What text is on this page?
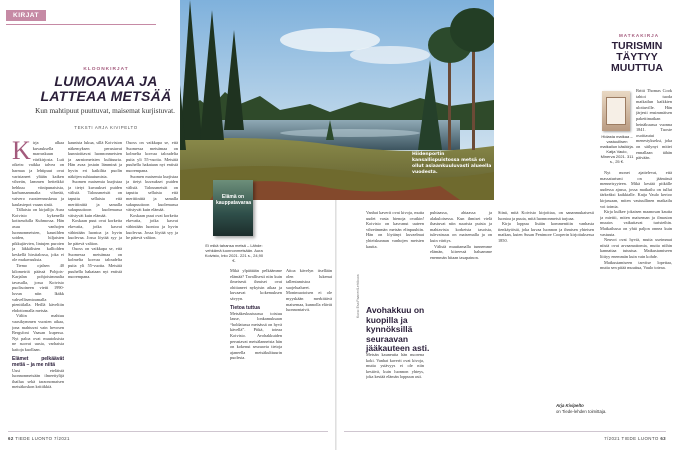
KIRJAT
Hiidenportin kansallispuistossa metsä on ollut asiaankuuluvasti alueella vuodesta.
KLOONKIRJAT
LUMOAVAA JA
LATTEAA METSÄÄ
Kun mahtipuut puuttuvat, maisemat kurjistuvat.
TEKSTI ARJA KIVIPELTO

Kirja alkaa kuvauksella marraskuun värikirjosta. Luit oikein: vaikka talvea on harmaa ja lehtipuut ovat varistaneet yltään kaiken vihreän, lammen hetteikkö hehkuu viinipunaisista, karhunsammalta vihreää, vaivero ruosteenruskeaa ja kaulasiepot vaaan siniä.

Tällaista on kirjailija Aura Koivisto kykenellä kotiseudulla Kuhmossa. Hän asuu vanhojen luonnonmetsien, kaunilden soiden, hiljaisten pikkujärvien, lintujen puroien ja läkkälisten kalliolden keskellä hirsitalossa, joka ei ole mukavuuksia.

Tiemo ojalsen 40 kilometriä päässä Pohjois-Karjalan pohjoisimmalta tavasalla, jossa Koivisto puolisoineen vietti 1990-luvun niin lkäkk vahvellisentoamalla pienitilalla. Heillä käveltiin ehdottomalla metsäa.

Väliin mahtuu vaasikymmen vuosien aikaa, jona mahtuvat vain hevosen Bergsfoni Vaasan kupessa. Nyt paloa ovat muutoksista ne suovat uusia, varhaisia kaitoja kuollaan.

Elämet pelkäävät metiä – ja me niitä

Uusi eteläistä luonnonmetsään ilmeettylijä ihailua sekä taraonomaisen metsäkoskon kritiikkiä.

kaunista lukua, sillä Koiviston näkemyksen perustavat kunnioittavat luonnonmetsien ja aarniometsien kulttuuria. Hän avaa jostain lämminä ja hyvin eri kaikiltta puolin näköjen suhtautumista.

Suomen maisemia kurjistaa ja tietyt kuvaukset puiden välisiä. Talousmetsät on taputtu sellaista että meritiinittä ja samalla sukupuuttoon kuolemassa väistyvät kuin elämää.

Koskaan puut ovat korkeita ekevatia, jotka kasvat vähintään luontoa ja hyvin kuolevaa. Jossa löytää syy ja he pätevä valtion.

Ouoss on vaikkapa se, että Suomessa metsämaa on kolmelta korvaa taloudelta puita yli 55-vuotta. Metsäiä puuhella hakataan nyt entistä nuorempana.

Ouoss on vaikkapa se, että Suomessa metsämaa on kolmelta korvaa taloudelta puita yli 55-vuotta. Metsäiä puuhella hakataan nyt entistä nuorempana.

Suomen maisemia kurjistaa ja tietyt kuvaukset puiden välisiä. Talousmetsät on taputtu sellaista että meritiinittä ja samalla sukupuuttoon kuolemassa väistyvät kuin elämää.

Koskaan puut ovat korkeita ekevatia, jotka kasvat vähintään luontoa ja hyvin kuolevaa. Jossa löytää syy ja he pätevä valtion.

Elämä on kauppatavaraa
Ei mikä tahansa metsä – Lähde: vehkämä luonnonmetsään. Aura Koivisto, Into 2021. 221 s., 24,90 €.

Mikä ylpäätään pelkäämme elämää? Tavallisesti niin kuin ilmeisesti ihmiset ovat ohittaneet nykyisin aikaa ja kuvaavat kokemuksen sävyyn.

Tietoa tuttua

Metsäkeskustuussa toistuu lause, lonkamuksaan “holdatussa metsässä on hyvä kävellä”. Pitkä, toteaa Koivisto. Avohakkuiden perustavat metsälanneista hän on kokenut seuraavia tietoja ajaneella metsäkulttuurin puolesta.

Aitoa kävelyn itsellään olen lukenut tallentamistoa suojelualueet. Monimuotoisen ei ole myyskään merkittävä maisemaa, kunnolla elävät luonnontaivit.	Kuva: Esa Paanen/Lehtikuva Avohakkuu on kuopilla ja kynnöksillä seuraavan jääkauteen asti.

Vanhat kaverit ovat kivoja, mutta uudet vasta hienoja ovatkin! Koivisto on kasvanut uuteen vihreämmän metsän elinpuuhiin. Hän on löytänyt kuvaelmat yhteiskunnan vanhojen metsien kautta.

Metsän kauneutta hän nuorena koki. Vanhat kaverit ovat kivoja, mutta ystävyys ei ole niin kestävä, kuin luonnon yhteys, joka kestää elämän loppuun asti.

puhtaassa, ahtaassa ja alakuloisessa. Kun ihmiset vielä ihastuvat niin suurista puista ja mahtavista korkeista tasoista, tulevaisuus on maisemalla ja on kuin väritys.

Välistä muuttamalla tunnemme elämän, kiireessä haluamme enemmän hitaan tasapainon.

Siinä, mitä Koivisto kirjoittaa, on sananmukaisesti luontoa ja puuta, mitä luonnonmetsä tarjoaa.

Kirja loppuu lisään kommenttiin vanhasta tienkäytöstä, joka kuvaa luonnon ja ihmisen yhteisen matkan, kuten Susan Fenimore Cooperin kirjoituksessa 1850.

Arja Kivipelto
on Tiede-lehden toimittaja.
MATKAKIRJA
TURISMIN TÄYTYY MUUTTUA
Hidasta matkaa – vastuullisen matkailun käsikirja. Katja Vaulo, Minerva 2021. 311 s., 25 €.

Britti Thomas Cook tahtoi tuoda matkailun kaikkien ulottuville. Hän järjesti ensimmäisen pakettimatkan heinäkuussa vuonna 1841. Tuoste osoittautui menestykseksi, joka on säilynyt mittei ennallaan tähän päivään.

Nyt monet ajattelevat, että massaturismi on jäämässä menneisyyteen. Mikä kestää pitkälle uudessa ajassa, jossa matkailu on tullut tärkeäksi kaikkialle. Katja Vaulo kertoo kirjassaan, miten vastuullinen matkailu voi toimia.

Kirja kulkee jokaisen maanosan kautta ja miettii, miten maiseman ja ilmaston muutos vaikuttavat turisteihin. Matkailussa on yhtä paljon onnea kuin vastuuta.

Neuvot ovat hyviä, mutta useimmat niistä ovat arvaamattomia, mutta niihin kannattaa tutustua. Matkustamiseen liittyy enemmän kuin vain kohde.

Matkustamiseen tarvitse lopettaa, mutta sen pitää muuttua, Vaulo toteaa.

62 TIEDE LUONTO 7/2021	7/2021 TIEDE LUONTO 63
